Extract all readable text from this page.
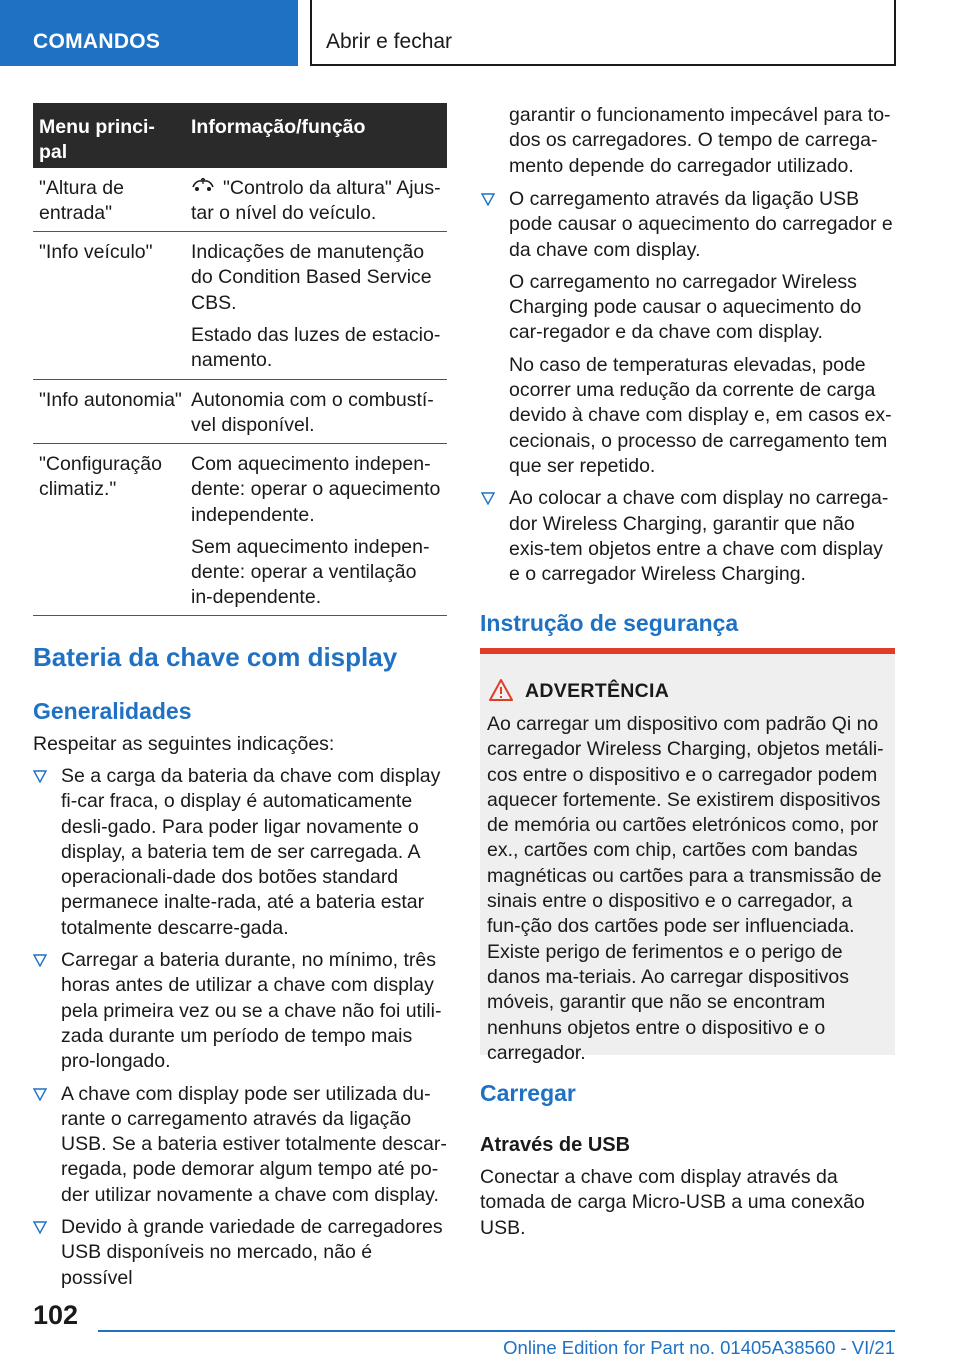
COMANDOS	Abrir e fechar
Menu princi-
pal
Informação/função
"Altura de entrada"

"Controlo da altura" Ajus-tar o nível do veículo.

"Info veículo"	Indicações de manutenção do Condition Based Service CBS.

Estado das luzes de estacio-namento.

"Info autonomia" Autonomia com o combustí-vel disponível.

"Configuração climatiz."

Com aquecimento indepen-dente: operar o aquecimento independente.

Sem aquecimento indepen-dente: operar a ventilação in-dependente.

Bateria da chave com display
Generalidades
Respeitar as seguintes indicações:
Se a carga da bateria da chave com display fi-car fraca, o display é automaticamente desli-gado. Para poder ligar novamente o display, a bateria tem de ser carregada. A operacionali-dade dos botões standard permanece inalte-rada, até a bateria estar totalmente descarre-gada.
Carregar a bateria durante, no mínimo, três horas antes de utilizar a chave com display pela primeira vez ou se a chave não foi utili-zada durante um período de tempo mais pro-longado.
A chave com display pode ser utilizada du-rante o carregamento através da ligação USB. Se a bateria estiver totalmente descar-regada, pode demorar algum tempo até po-der utilizar novamente a chave com display.
Devido à grande variedade de carregadores USB disponíveis no mercado, não é possível
garantir o funcionamento impecável para to-dos os carregadores. O tempo de carrega-mento depende do carregador utilizado.

O carregamento através da ligação USB pode causar o aquecimento do carregador e da chave com display.

O carregamento no carregador Wireless Charging pode causar o aquecimento do car-regador e da chave com display.

No caso de temperaturas elevadas, pode ocorrer uma redução da corrente de carga devido à chave com display e, em casos ex-cecionais, o processo de carregamento tem que ser repetido.

Ao colocar a chave com display no carrega-dor Wireless Charging, garantir que não exis-tem objetos entre a chave com display e o carregador Wireless Charging.

Instrução de segurança
ADVERTÊNCIA
Ao carregar um dispositivo com padrão Qi no carregador Wireless Charging, objetos metáli-cos entre o dispositivo e o carregador podem aquecer fortemente. Se existirem dispositivos de memória ou cartões eletrónicos como, por ex., cartões com chip, cartões com bandas magnéticas ou cartões para a transmissão de sinais entre o dispositivo e o carregador, a fun-ção dos cartões pode ser influenciada. Existe perigo de ferimentos e o perigo de danos ma-teriais. Ao carregar dispositivos móveis, garantir que não se encontram nenhuns objetos entre o dispositivo e o carregador.
Carregar
Através de USB
Conectar a chave com display através da tomada de carga Micro-USB a uma conexão USB.
102
Online Edition for Part no. 01405A38560 - VI/21
